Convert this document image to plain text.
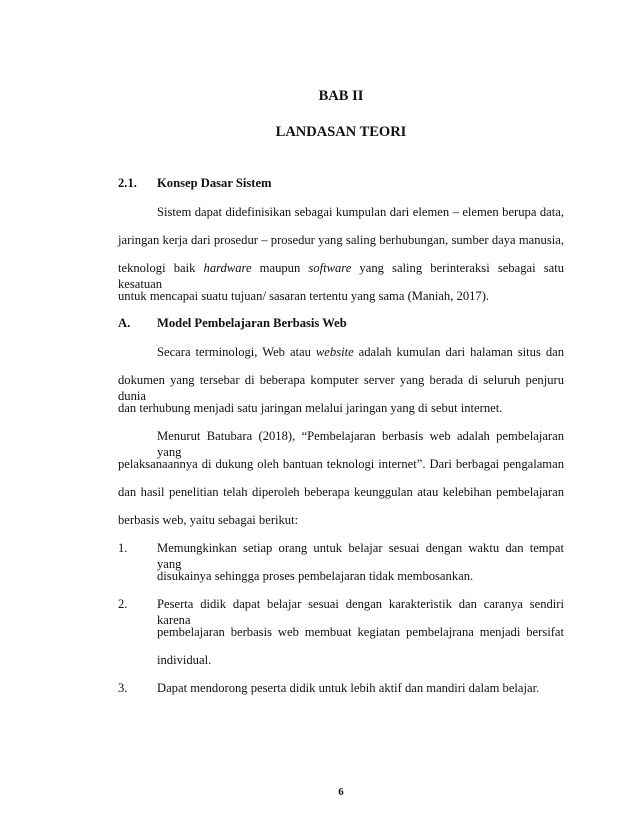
BAB II
LANDASAN TEORI
2.1. Konsep Dasar Sistem
Sistem dapat didefinisikan sebagai kumpulan dari elemen – elemen berupa data,
jaringan kerja dari prosedur – prosedur yang saling berhubungan, sumber daya manusia,
teknologi baik hardware maupun software yang saling berinteraksi sebagai satu kesatuan
untuk mencapai suatu tujuan/ sasaran tertentu yang sama (Maniah, 2017).
A. Model Pembelajaran Berbasis Web
Secara terminologi, Web atau website adalah kumulan dari halaman situs dan
dokumen yang tersebar di beberapa komputer server yang berada di seluruh penjuru dunia
dan terhubung menjadi satu jaringan melalui jaringan yang di sebut internet.
Menurut Batubara (2018), “Pembelajaran berbasis web adalah pembelajaran yang
pelaksanaannya di dukung oleh bantuan teknologi internet”. Dari berbagai pengalaman
dan hasil penelitian telah diperoleh beberapa keunggulan atau kelebihan pembelajaran
berbasis web, yaitu sebagai berikut:
1. Memungkinkan setiap orang untuk belajar sesuai dengan waktu dan tempat yang
disukainya sehingga proses pembelajaran tidak membosankan.
2. Peserta didik dapat belajar sesuai dengan karakteristik dan caranya sendiri karena
pembelajaran berbasis web membuat kegiatan pembelajrana menjadi bersifat
individual.
3. Dapat mendorong peserta didik untuk lebih aktif dan mandiri dalam belajar.
6
